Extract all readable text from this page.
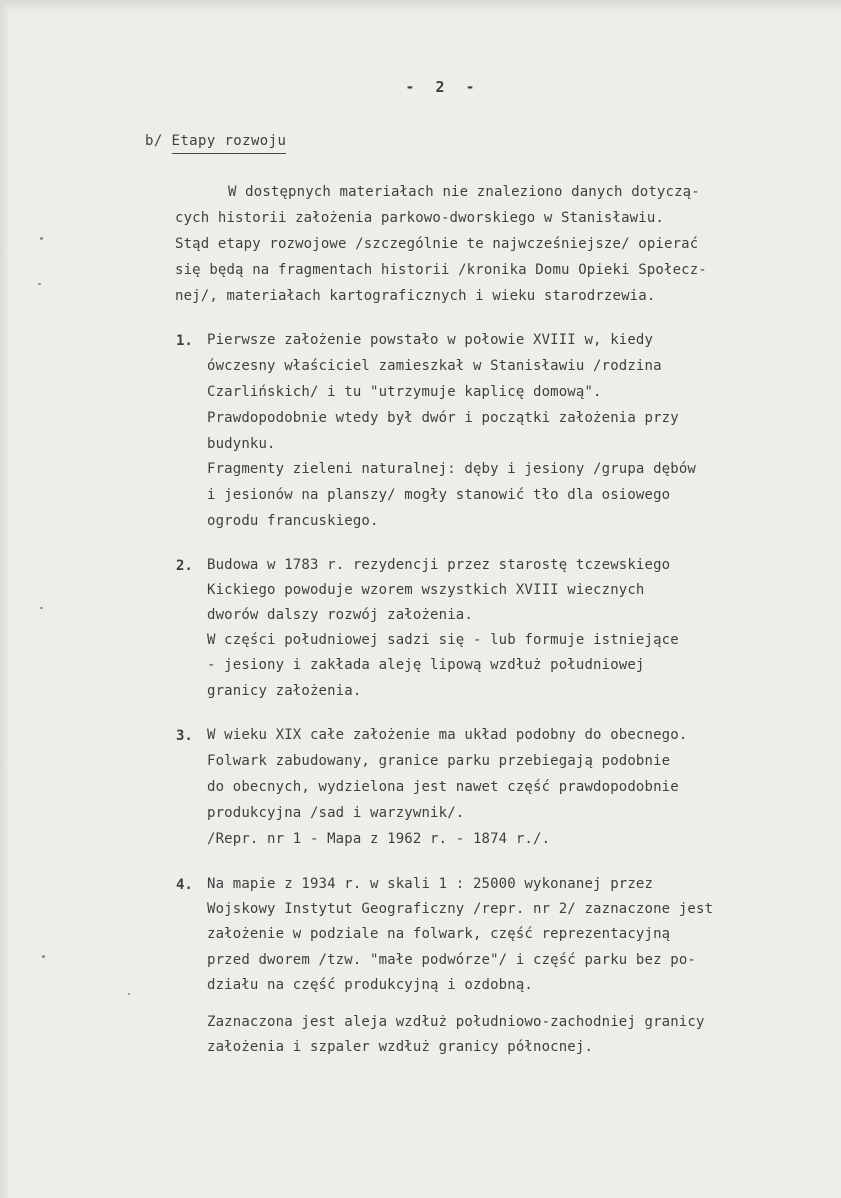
- 2 -
b/ Etapy rozwoju
W dostępnych materiałach nie znaleziono danych dotyczą-
cych historii założenia parkowo-dworskiego w Stanisławiu.
Stąd etapy rozwojowe /szczególnie te najwcześniejsze/ opierać
się będą na fragmentach historii /kronika Domu Opieki Społecz-
nej/, materiałach kartograficznych i wieku starodrzewia.
1. Pierwsze założenie powstało w połowie XVIII w, kiedy
ówczesny właściciel zamieszkał w Stanisławiu /rodzina
Czarlińskich/ i tu "utrzymuje kaplicę domową".
Prawdopodobnie wtedy był dwór i początki założenia przy
budynku.
Fragmenty zieleni naturalnej: dęby i jesiony /grupa dębów
i jesionów na planszy/ mogły stanowić tło dla osiowego
ogrodu francuskiego.
2. Budowa w 1783 r. rezydencji przez starostę tczewskiego
Kickiego powoduje wzorem wszystkich XVIII wiecznych
dworów dalszy rozwój założenia.
W części południowej sadzi się - lub formuje istniejące
- jesiony i zakłada aleję lipową wzdłuż południowej
granicy założenia.
3. W wieku XIX całe założenie ma układ podobny do obecnego.
Folwark zabudowany, granice parku przebiegają podobnie
do obecnych, wydzielona jest nawet część prawdopodobnie
produkcyjna /sad i warzywnik/.
/Repr. nr 1 - Mapa z 1962 r. - 1874 r./.
4. Na mapie z 1934 r. w skali 1 : 25000 wykonanej przez
Wojskowy Instytut Geograficzny /repr. nr 2/ zaznaczone jest
założenie w podziale na folwark, część reprezentacyjną
przed dworem /tzw. "małe podwórze"/ i część parku bez po-
działu na część produkcyjną i ozdobną.
Zaznaczona jest aleja wzdłuż południowo-zachodniej granicy
założenia i szpaler wzdłuż granicy północnej.
